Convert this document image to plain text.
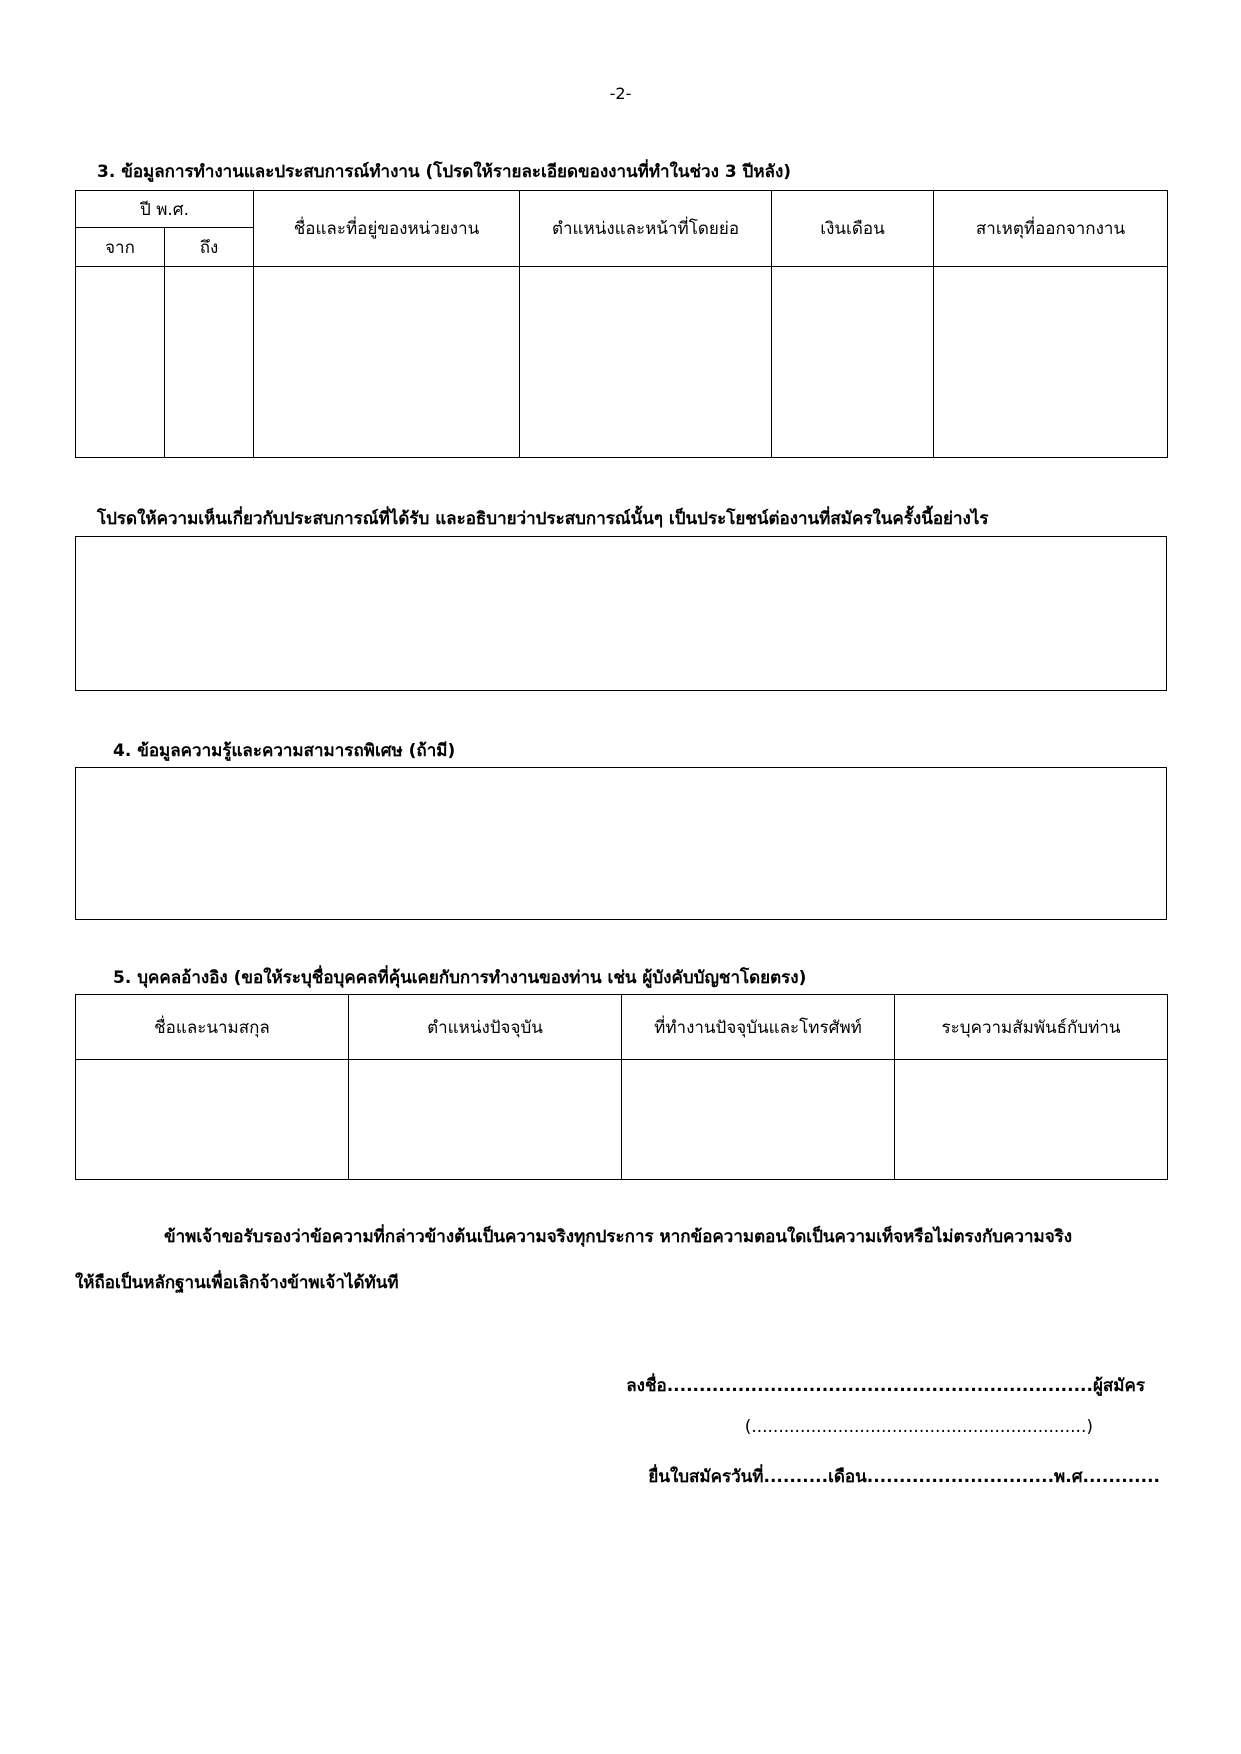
-2-
3. ข้อมูลการทำงานและประสบการณ์ทำงาน (โปรดให้รายละเอียดของงานที่ทำในช่วง 3 ปีหลัง)
ปี พ.ศ.		ชื่อและที่อยู่ของหน่วยงาน	ตำแหน่งและหน้าที่โดยย่อ	เงินเดือน	สาเหตุที่ออกจากงาน
จาก	ถึง				

โปรดให้ความเห็นเกี่ยวกับประสบการณ์ที่ได้รับ และอธิบายว่าประสบการณ์นั้นๆ เป็นประโยชน์ต่องานที่สมัครในครั้งนี้อย่างไร
4. ข้อมูลความรู้และความสามารถพิเศษ (ถ้ามี)
5. บุคคลอ้างอิง (ขอให้ระบุชื่อบุคคลที่คุ้นเคยกับการทำงานของท่าน เช่น ผู้บังคับบัญชาโดยตรง)
ชื่อและนามสกุล	ตำแหน่งปัจจุบัน	ที่ทำงานปัจจุบันและโทรศัพท์	ระบุความสัมพันธ์กับท่าน

ข้าพเจ้าขอรับรองว่าข้อความที่กล่าวข้างต้นเป็นความจริงทุกประการ หากข้อความตอนใดเป็นความเท็จหรือไม่ตรงกับความจริง
ให้ถือเป็นหลักฐานเพื่อเลิกจ้างข้าพเจ้าได้ทันที
ลงชื่อ..................................................................ผู้สมัคร
(..............................................................)
ยื่นใบสมัครวันที่..........เดือน.............................พ.ศ............
